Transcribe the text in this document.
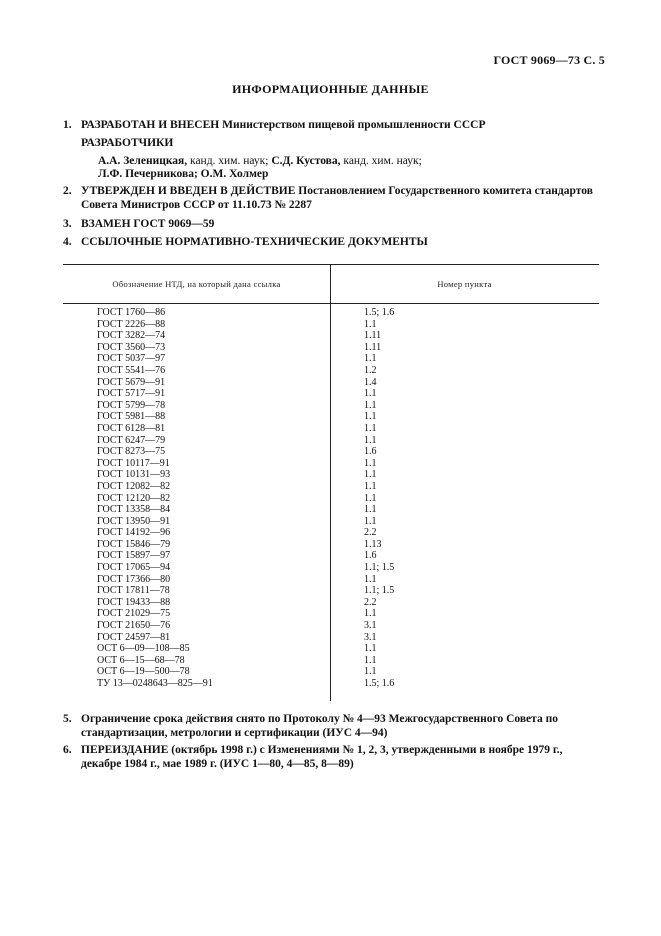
ГОСТ 9069—73 С. 5
ИНФОРМАЦИОННЫЕ ДАННЫЕ
1. РАЗРАБОТАН И ВНЕСЕН Министерством пищевой промышленности СССР
РАЗРАБОТЧИКИ
А.А. Зеленицкая, канд. хим. наук; С.Д. Кустова, канд. хим. наук;
Л.Ф. Печерникова; О.М. Холмер
2. УТВЕРЖДЕН И ВВЕДЕН В ДЕЙСТВИЕ Постановлением Государственного комитета стандартов Совета Министров СССР от 11.10.73 № 2287
3. ВЗАМЕН ГОСТ 9069—59
4. ССЫЛОЧНЫЕ НОРМАТИВНО-ТЕХНИЧЕСКИЕ ДОКУМЕНТЫ
Обозначение НТД, на который дана ссылка	Номер пункта
ГОСТ 1760—86	1.5; 1.6
ГОСТ 2226—88	1.1
ГОСТ 3282—74	1.11
ГОСТ 3560—73	1.11
ГОСТ 5037—97	1.1
ГОСТ 5541—76	1.2
ГОСТ 5679—91	1.4
ГОСТ 5717—91	1.1
ГОСТ 5799—78	1.1
ГОСТ 5981—88	1.1
ГОСТ 6128—81	1.1
ГОСТ 6247—79	1.1
ГОСТ 8273—75	1.6
ГОСТ 10117—91	1.1
ГОСТ 10131—93	1.1
ГОСТ 12082—82	1.1
ГОСТ 12120—82	1.1
ГОСТ 13358—84	1.1
ГОСТ 13950—91	1.1
ГОСТ 14192—96	2.2
ГОСТ 15846—79	1.13
ГОСТ 15897—97	1.6
ГОСТ 17065—94	1.1; 1.5
ГОСТ 17366—80	1.1
ГОСТ 17811—78	1.1; 1.5
ГОСТ 19433—88	2.2
ГОСТ 21029—75	1.1
ГОСТ 21650—76	3.1
ГОСТ 24597—81	3.1
ОСТ 6—09—108—85	1.1
ОСТ 6—15—68—78	1.1
ОСТ 6—19—500—78	1.1
ТУ 13—0248643—825—91	1.5; 1.6
5. Ограничение срока действия снято по Протоколу № 4—93 Межгосударственного Совета по стандартизации, метрологии и сертификации (ИУС 4—94)
6. ПЕРЕИЗДАНИЕ (октябрь 1998 г.) с Изменениями № 1, 2, 3, утвержденными в ноябре 1979 г., декабре 1984 г., мае 1989 г. (ИУС 1—80, 4—85, 8—89)
